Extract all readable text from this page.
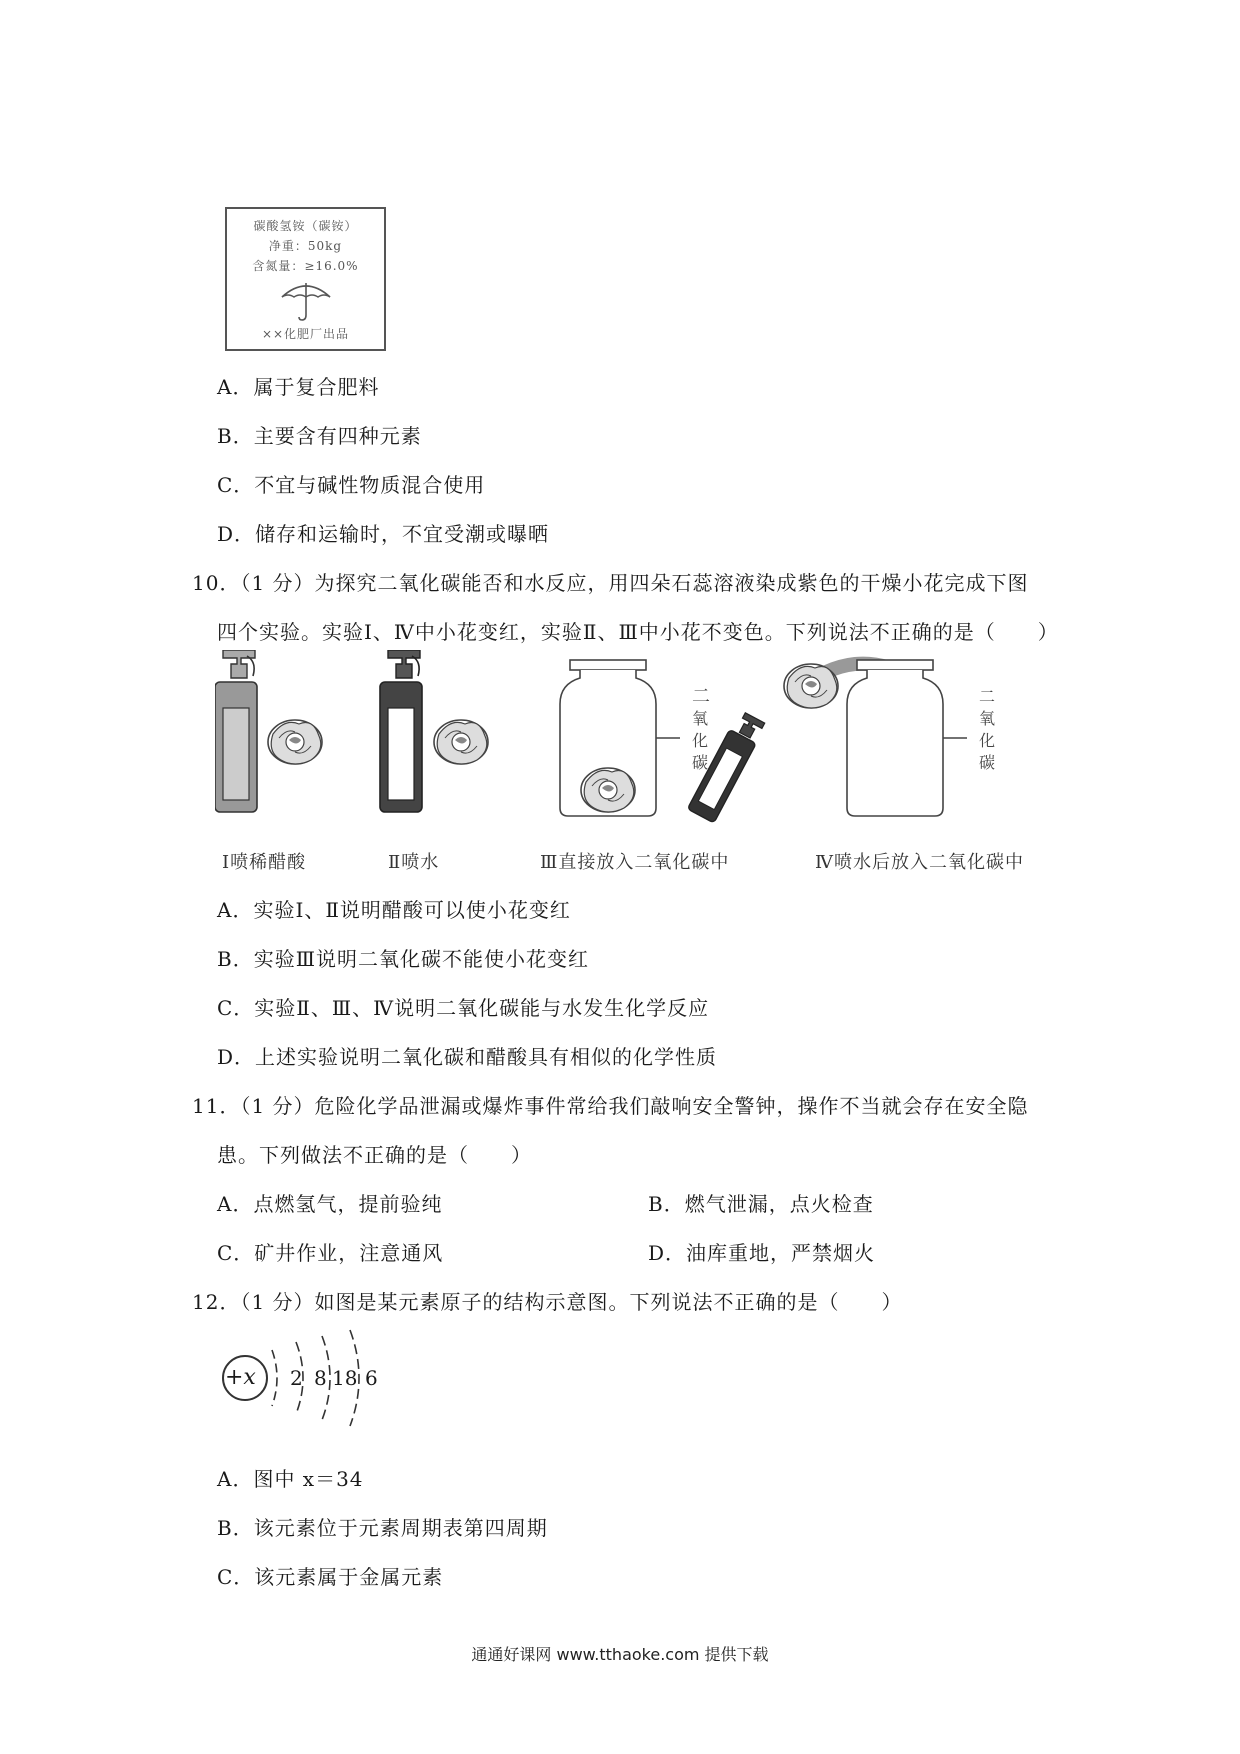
碳酸氢铵（碳铵）
净重：50kg
含氮量：≥16.0%
××化肥厂出品
A．属于复合肥料
B．主要含有四种元素
C．不宜与碱性物质混合使用
D．储存和运输时，不宜受潮或曝晒
10．（1 分）为探究二氧化碳能否和水反应，用四朵石蕊溶液染成紫色的干燥小花完成下图
四个实验。实验Ⅰ、Ⅳ中小花变红，实验Ⅱ、Ⅲ中小花不变色。下列说法不正确的是（　　）
二
氧
化
碳
二
氧
化
碳
Ⅰ喷稀醋酸	Ⅱ喷水	Ⅲ直接放入二氧化碳中	Ⅳ喷水后放入二氧化碳中
A．实验Ⅰ、Ⅱ说明醋酸可以使小花变红
B．实验Ⅲ说明二氧化碳不能使小花变红
C．实验Ⅱ、Ⅲ、Ⅳ说明二氧化碳能与水发生化学反应
D．上述实验说明二氧化碳和醋酸具有相似的化学性质
11．（1 分）危险化学品泄漏或爆炸事件常给我们敲响安全警钟，操作不当就会存在安全隐
患。下列做法不正确的是（　　）
A．点燃氢气，提前验纯	B．燃气泄漏，点火检查
C．矿井作业，注意通风	D．油库重地，严禁烟火
12．（1 分）如图是某元素原子的结构示意图。下列说法不正确的是（　　）
+x 2 8 18 6
A．图中 x＝34
B．该元素位于元素周期表第四周期
C．该元素属于金属元素
通通好课网 www.tthaoke.com 提供下载
